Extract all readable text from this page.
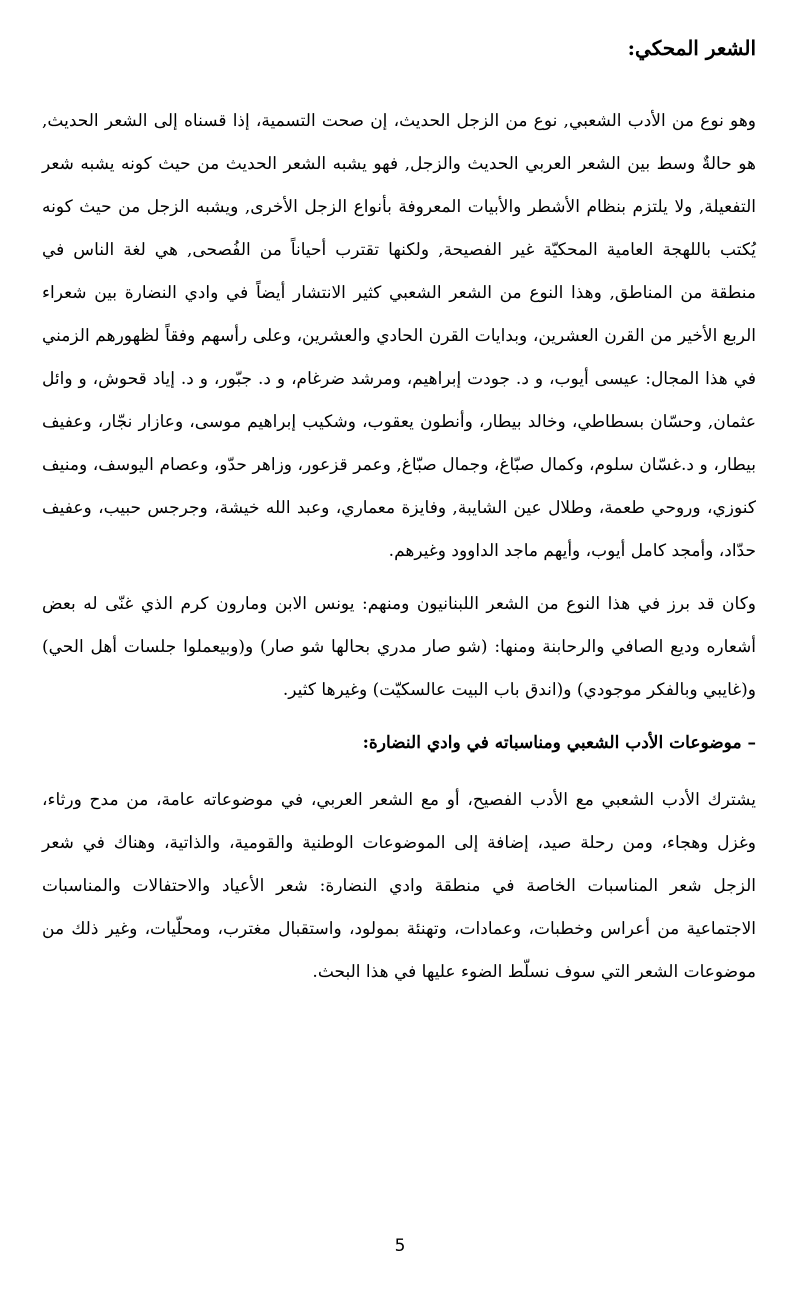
الشعر المحكي:

وهو نوع من الأدب الشعبي, نوع من الزجل الحديث، إن صحت التسمية، إذا قسناه إلى الشعر الحديث, هو حالةٌ وسط بين الشعر العربي الحديث والزجل, فهو يشبه الشعر الحديث من حيث كونه يشبه شعر التفعيلة, ولا يلتزم بنظام الأشطر والأبيات المعروفة بأنواع الزجل الأخرى, ويشبه الزجل من حيث كونه يُكتب باللهجة العامية المحكيّة غير الفصيحة, ولكنها تقترب أحياناً من الفُصحى, هي لغة الناس في منطقة من المناطق, وهذا النوع من الشعر الشعبي كثير الانتشار أيضاً في وادي النضارة بين شعراء الربع الأخير من القرن العشرين، وبدايات القرن الحادي والعشرين، وعلى رأسهم وفقاً لظهورهم الزمني في هذا المجال: عيسى أيوب، و د. جودت إبراهيم، ومرشد ضرغام، و د. جبّور، و د. إياد قحوش، و وائل عثمان, وحسّان بسطاطي، وخالد بيطار، وأنطون يعقوب، وشكيب إبراهيم موسى، وعازار نجّار، وعفيف بيطار، و د.غسّان سلوم، وكمال صبّاغ، وجمال صبّاغ, وعمر قزعور، وزاهر حدّو، وعصام اليوسف، ومنيف كنوزي، وروحي طعمة، وطلال عين الشايبة, وفايزة معماري، وعبد الله خيشة، وجرجس حبيب، وعفيف حدّاد، وأمجد كامل أيوب، وأيهم ماجد الداوود وغيرهم.

وكان قد برز في هذا النوع من الشعر اللبنانيون ومنهم: يونس الابن ومارون كرم الذي غنّى له بعض أشعاره وديع الصافي والرحابنة ومنها: (شو صار مدري بحالها شو صار) و(وبيعملوا جلسات أهل الحي) و(غايبي وبالفكر موجودي) و(اندق باب البيت عالسكيّت) وغيرها كثير.

– موضوعات الأدب الشعبي ومناسباته في وادي النضارة:

يشترك الأدب الشعبي مع الأدب الفصيح، أو مع الشعر العربي، في موضوعاته عامة، من مدح ورثاء، وغزل وهجاء، ومن رحلة صيد، إضافة إلى الموضوعات الوطنية والقومية، والذاتية، وهناك في شعر الزجل شعر المناسبات الخاصة في منطقة وادي النضارة: شعر الأعياد والاحتفالات والمناسبات الاجتماعية من أعراس وخطبات، وعمادات، وتهنئة بمولود، واستقبال مغترب، ومحلّيات، وغير ذلك من موضوعات الشعر التي سوف نسلّط الضوء عليها في هذا البحث.

5
